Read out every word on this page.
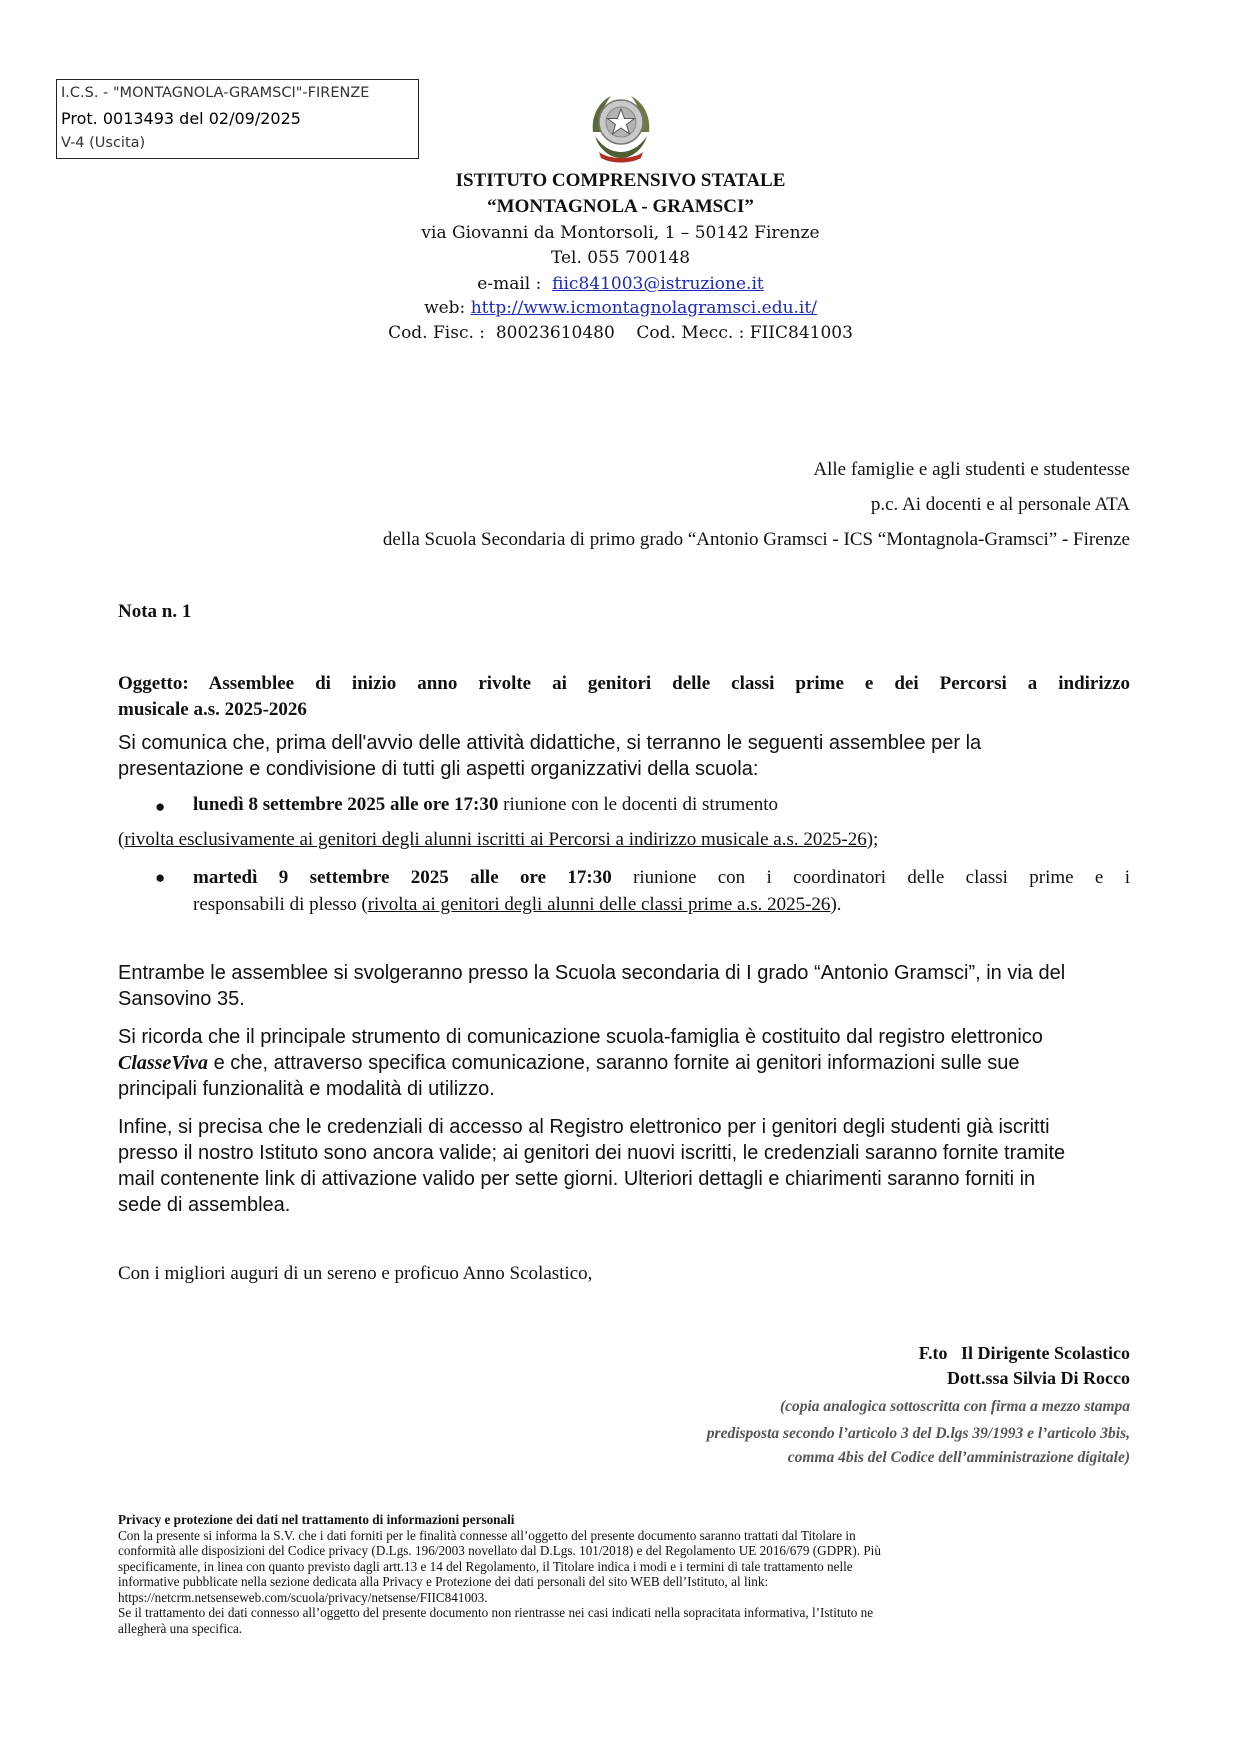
I.C.S. - "MONTAGNOLA-GRAMSCI"-FIRENZE
Prot. 0013493 del 02/09/2025
V-4 (Uscita)
ISTITUTO COMPRENSIVO STATALE
“MONTAGNOLA - GRAMSCI”
via Giovanni da Montorsoli, 1 – 50142 Firenze
Tel. 055 700148
e-mail : fiic841003@istruzione.it
web: http://www.icmontagnolagramsci.edu.it/
Cod. Fisc. :  80023610480    Cod. Mecc. : FIIC841003
Alle famiglie e agli studenti e studentesse
p.c. Ai docenti e al personale ATA
della Scuola Secondaria di primo grado “Antonio Gramsci - ICS “Montagnola-Gramsci” - Firenze
Nota n. 1
Oggetto: Assemblee di inizio anno rivolte ai genitori delle classi prime e dei Percorsi a indirizzo
musicale a.s. 2025-2026
Si comunica che, prima dell'avvio delle attività didattiche, si terranno le seguenti assemblee per la
presentazione e condivisione di tutti gli aspetti organizzativi della scuola:
● lunedì 8 settembre 2025 alle ore 17:30 riunione con le docenti di strumento
(rivolta esclusivamente ai genitori degli alunni iscritti ai Percorsi a indirizzo musicale a.s. 2025-26);
● martedì 9 settembre 2025 alle ore 17:30 riunione con i coordinatori delle classi prime e i
responsabili di plesso (rivolta ai genitori degli alunni delle classi prime a.s. 2025-26).
Entrambe le assemblee si svolgeranno presso la Scuola secondaria di I grado “Antonio Gramsci”, in via del
Sansovino 35.
Si ricorda che il principale strumento di comunicazione scuola-famiglia è costituito dal registro elettronico
ClasseViva e che, attraverso specifica comunicazione, saranno fornite ai genitori informazioni sulle sue
principali funzionalità e modalità di utilizzo.
Infine, si precisa che le credenziali di accesso al Registro elettronico per i genitori degli studenti già iscritti
presso il nostro Istituto sono ancora valide; ai genitori dei nuovi iscritti, le credenziali saranno fornite tramite
mail contenente link di attivazione valido per sette giorni. Ulteriori dettagli e chiarimenti saranno forniti in
sede di assemblea.
Con i migliori auguri di un sereno e proficuo Anno Scolastico,
F.to   Il Dirigente Scolastico
Dott.ssa Silvia Di Rocco
(copia analogica sottoscritta con firma a mezzo stampa
predisposta secondo l’articolo 3 del D.lgs 39/1993 e l’articolo 3bis,
comma 4bis del Codice dell’amministrazione digitale)
Privacy e protezione dei dati nel trattamento di informazioni personali
Con la presente si informa la S.V. che i dati forniti per le finalità connesse all’oggetto del presente documento saranno trattati dal Titolare in
conformità alle disposizioni del Codice privacy (D.Lgs. 196/2003 novellato dal D.Lgs. 101/2018) e del Regolamento UE 2016/679 (GDPR). Più
specificamente, in linea con quanto previsto dagli artt.13 e 14 del Regolamento, il Titolare indica i modi e i termini di tale trattamento nelle
informative pubblicate nella sezione dedicata alla Privacy e Protezione dei dati personali del sito WEB dell’Istituto, al link:
https://netcrm.netsenseweb.com/scuola/privacy/netsense/FIIC841003.
Se il trattamento dei dati connesso all’oggetto del presente documento non rientrasse nei casi indicati nella sopracitata informativa, l’Istituto ne
allegherà una specifica.
